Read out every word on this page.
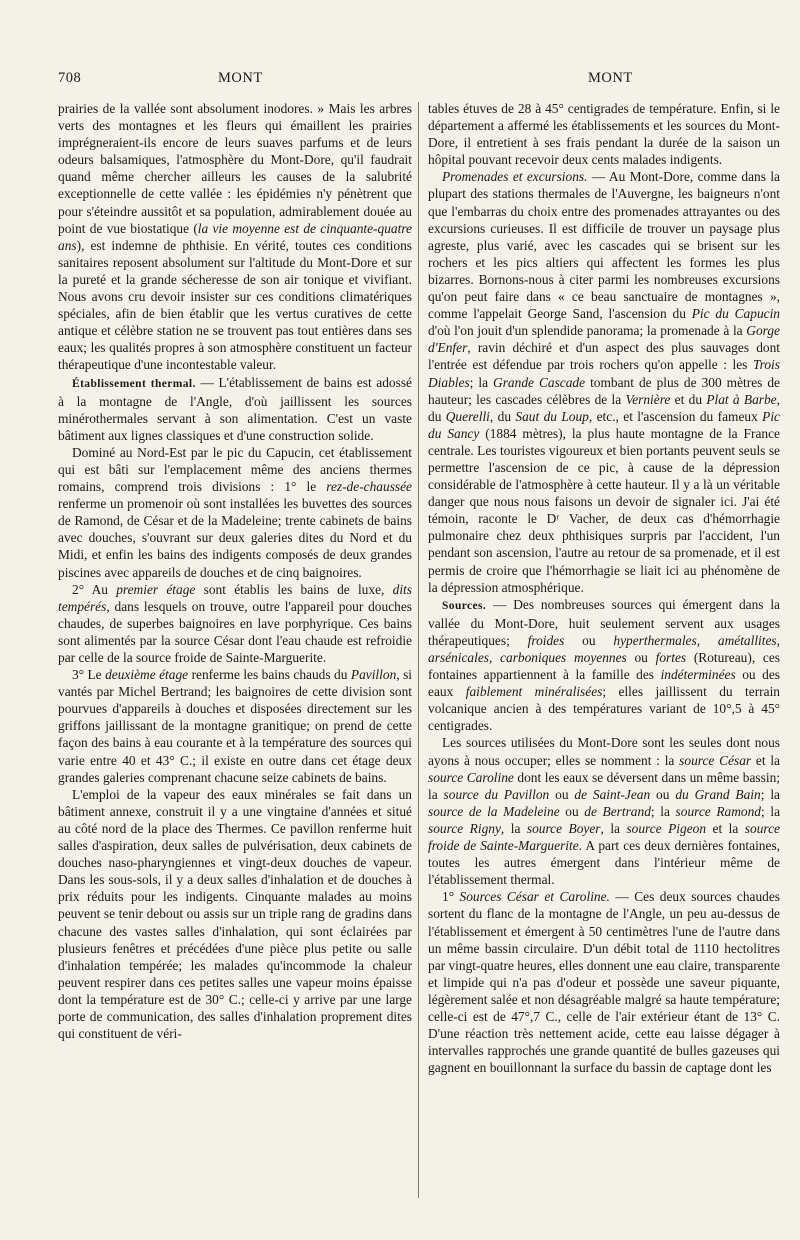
708	MONT	MONT

prairies de la vallée sont absolument inodores. » Mais les arbres verts des montagnes et les fleurs qui émaillent les prairies imprégneraient-ils encore de leurs suaves parfums et de leurs odeurs balsamiques, l'atmosphère du Mont-Dore, qu'il faudrait quand même chercher ailleurs les causes de la salubrité exceptionnelle de cette vallée : les épidémies n'y pénètrent que pour s'éteindre aussitôt et sa population, admirablement douée au point de vue biostatique (la vie moyenne est de cinquante-quatre ans), est indemne de phthisie. En vérité, toutes ces conditions sanitaires reposent absolument sur l'altitude du Mont-Dore et sur la pureté et la grande sécheresse de son air tonique et vivifiant. Nous avons cru devoir insister sur ces conditions climatériques spéciales, afin de bien établir que les vertus curatives de cette antique et célèbre station ne se trouvent pas tout entières dans ses eaux; les qualités propres à son atmosphère constituent un facteur thérapeutique d'une incontestable valeur.

Établissement thermal. — L'établissement de bains est adossé à la montagne de l'Angle, d'où jaillissent les sources minérothermales servant à son alimentation. C'est un vaste bâtiment aux lignes classiques et d'une construction solide.

Dominé au Nord-Est par le pic du Capucin, cet établissement qui est bâti sur l'emplacement même des anciens thermes romains, comprend trois divisions : 1° le rez-de-chaussée renferme un promenoir où sont installées les buvettes des sources de Ramond, de César et de la Madeleine; trente cabinets de bains avec douches, s'ouvrant sur deux galeries dites du Nord et du Midi, et enfin les bains des indigents composés de deux grandes piscines avec appareils de douches et de cinq baignoires.

2° Au premier étage sont établis les bains de luxe, dits tempérés, dans lesquels on trouve, outre l'appareil pour douches chaudes, de superbes baignoires en lave porphyrique. Ces bains sont alimentés par la source César dont l'eau chaude est refroidie par celle de la source froide de Sainte-Marguerite.

3° Le deuxième étage renferme les bains chauds du Pavillon, si vantés par Michel Bertrand; les baignoires de cette division sont pourvues d'appareils à douches et disposées directement sur les griffons jaillissant de la montagne granitique; on prend de cette façon des bains à eau courante et à la température des sources qui varie entre 40 et 43° C.; il existe en outre dans cet étage deux grandes galeries comprenant chacune seize cabinets de bains.

L'emploi de la vapeur des eaux minérales se fait dans un bâtiment annexe, construit il y a une vingtaine d'années et situé au côté nord de la place des Thermes. Ce pavillon renferme huit salles d'aspiration, deux salles de pulvérisation, deux cabinets de douches naso-pharyngiennes et vingt-deux douches de vapeur. Dans les sous-sols, il y a deux salles d'inhalation et de douches à prix réduits pour les indigents. Cinquante malades au moins peuvent se tenir debout ou assis sur un triple rang de gradins dans chacune des vastes salles d'inhalation, qui sont éclairées par plusieurs fenêtres et précédées d'une pièce plus petite ou salle d'inhalation tempérée; les malades qu'incommode la chaleur peuvent respirer dans ces petites salles une vapeur moins épaisse dont la température est de 30° C.; celle-ci y arrive par une large porte de communication, des salles d'inhalation proprement dites qui constituent de véri-

tables étuves de 28 à 45° centigrades de température. Enfin, si le département a affermé les établissements et les sources du Mont-Dore, il entretient à ses frais pendant la durée de la saison un hôpital pouvant recevoir deux cents malades indigents.

Promenades et excursions. — Au Mont-Dore, comme dans la plupart des stations thermales de l'Auvergne, les baigneurs n'ont que l'embarras du choix entre des promenades attrayantes ou des excursions curieuses. Il est difficile de trouver un paysage plus agreste, plus varié, avec les cascades qui se brisent sur les rochers et les pics altiers qui affectent les formes les plus bizarres. Bornons-nous à citer parmi les nombreuses excursions qu'on peut faire dans « ce beau sanctuaire de montagnes », comme l'appelait George Sand, l'ascension du Pic du Capucin d'où l'on jouit d'un splendide panorama; la promenade à la Gorge d'Enfer, ravin déchiré et d'un aspect des plus sauvages dont l'entrée est défendue par trois rochers qu'on appelle : les Trois Diables; la Grande Cascade tombant de plus de 300 mètres de hauteur; les cascades célèbres de la Vernière et du Plat à Barbe, du Querelli, du Saut du Loup, etc., et l'ascension du fameux Pic du Sancy (1884 mètres), la plus haute montagne de la France centrale. Les touristes vigoureux et bien portants peuvent seuls se permettre l'ascension de ce pic, à cause de la dépression considérable de l'atmosphère à cette hauteur. Il y a là un véritable danger que nous nous faisons un devoir de signaler ici. J'ai été témoin, raconte le Dʳ Vacher, de deux cas d'hémorrhagie pulmonaire chez deux phthisiques surpris par l'accident, l'un pendant son ascension, l'autre au retour de sa promenade, et il est permis de croire que l'hémorrhagie se liait ici au phénomène de la dépression atmosphérique.

Sources. — Des nombreuses sources qui émergent dans la vallée du Mont-Dore, huit seulement servent aux usages thérapeutiques; froides ou hyperthermales, amétallites, arsénicales, carboniques moyennes ou fortes (Rotureau), ces fontaines appartiennent à la famille des indéterminées ou des eaux faiblement minéralisées; elles jaillissent du terrain volcanique ancien à des températures variant de 10°,5 à 45° centigrades.

Les sources utilisées du Mont-Dore sont les seules dont nous ayons à nous occuper; elles se nomment : la source César et la source Caroline dont les eaux se déversent dans un même bassin; la source du Pavillon ou de Saint-Jean ou du Grand Bain; la source de la Madeleine ou de Bertrand; la source Ramond; la source Rigny, la source Boyer, la source Pigeon et la source froide de Sainte-Marguerite. A part ces deux dernières fontaines, toutes les autres émergent dans l'intérieur même de l'établissement thermal.

1° Sources César et Caroline. — Ces deux sources chaudes sortent du flanc de la montagne de l'Angle, un peu au-dessus de l'établissement et émergent à 50 centimètres l'une de l'autre dans un même bassin circulaire. D'un débit total de 1110 hectolitres par vingt-quatre heures, elles donnent une eau claire, transparente et limpide qui n'a pas d'odeur et possède une saveur piquante, légèrement salée et non désagréable malgré sa haute température; celle-ci est de 47°,7 C., celle de l'air extérieur étant de 13° C. D'une réaction très nettement acide, cette eau laisse dégager à intervalles rapprochés une grande quantité de bulles gazeuses qui gagnent en bouillonnant la surface du bassin de captage dont les
